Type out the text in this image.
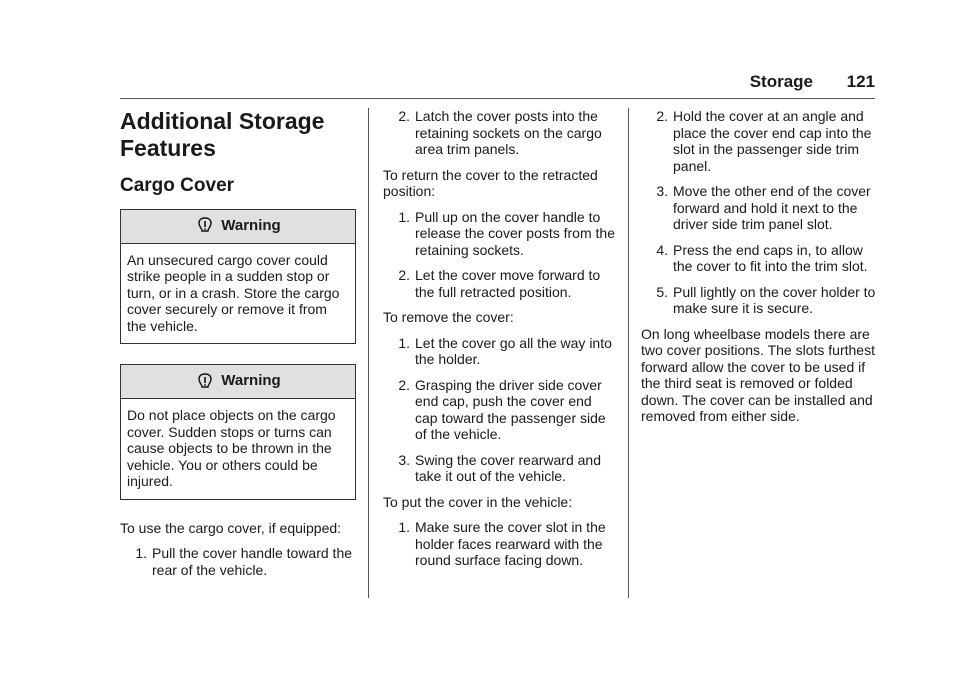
Storage 121
Additional Storage Features
Cargo Cover
Warning
An unsecured cargo cover could strike people in a sudden stop or turn, or in a crash. Store the cargo cover securely or remove it from the vehicle.
Warning
Do not place objects on the cargo cover. Sudden stops or turns can cause objects to be thrown in the vehicle. You or others could be injured.

To use the cargo cover, if equipped:

1. Pull the cover handle toward the rear of the vehicle.
2. Latch the cover posts into the retaining sockets on the cargo area trim panels.

To return the cover to the retracted position:

1. Pull up on the cover handle to release the cover posts from the retaining sockets.
2. Let the cover move forward to the full retracted position.

To remove the cover:

1. Let the cover go all the way into the holder.
2. Grasping the driver side cover end cap, push the cover end cap toward the passenger side of the vehicle.
3. Swing the cover rearward and take it out of the vehicle.

To put the cover in the vehicle:

1. Make sure the cover slot in the holder faces rearward with the round surface facing down.
2. Hold the cover at an angle and place the cover end cap into the slot in the passenger side trim panel.
3. Move the other end of the cover forward and hold it next to the driver side trim panel slot.
4. Press the end caps in, to allow the cover to fit into the trim slot.
5. Pull lightly on the cover holder to make sure it is secure.

On long wheelbase models there are two cover positions. The slots furthest forward allow the cover to be used if the third seat is removed or folded down. The cover can be installed and removed from either side.
